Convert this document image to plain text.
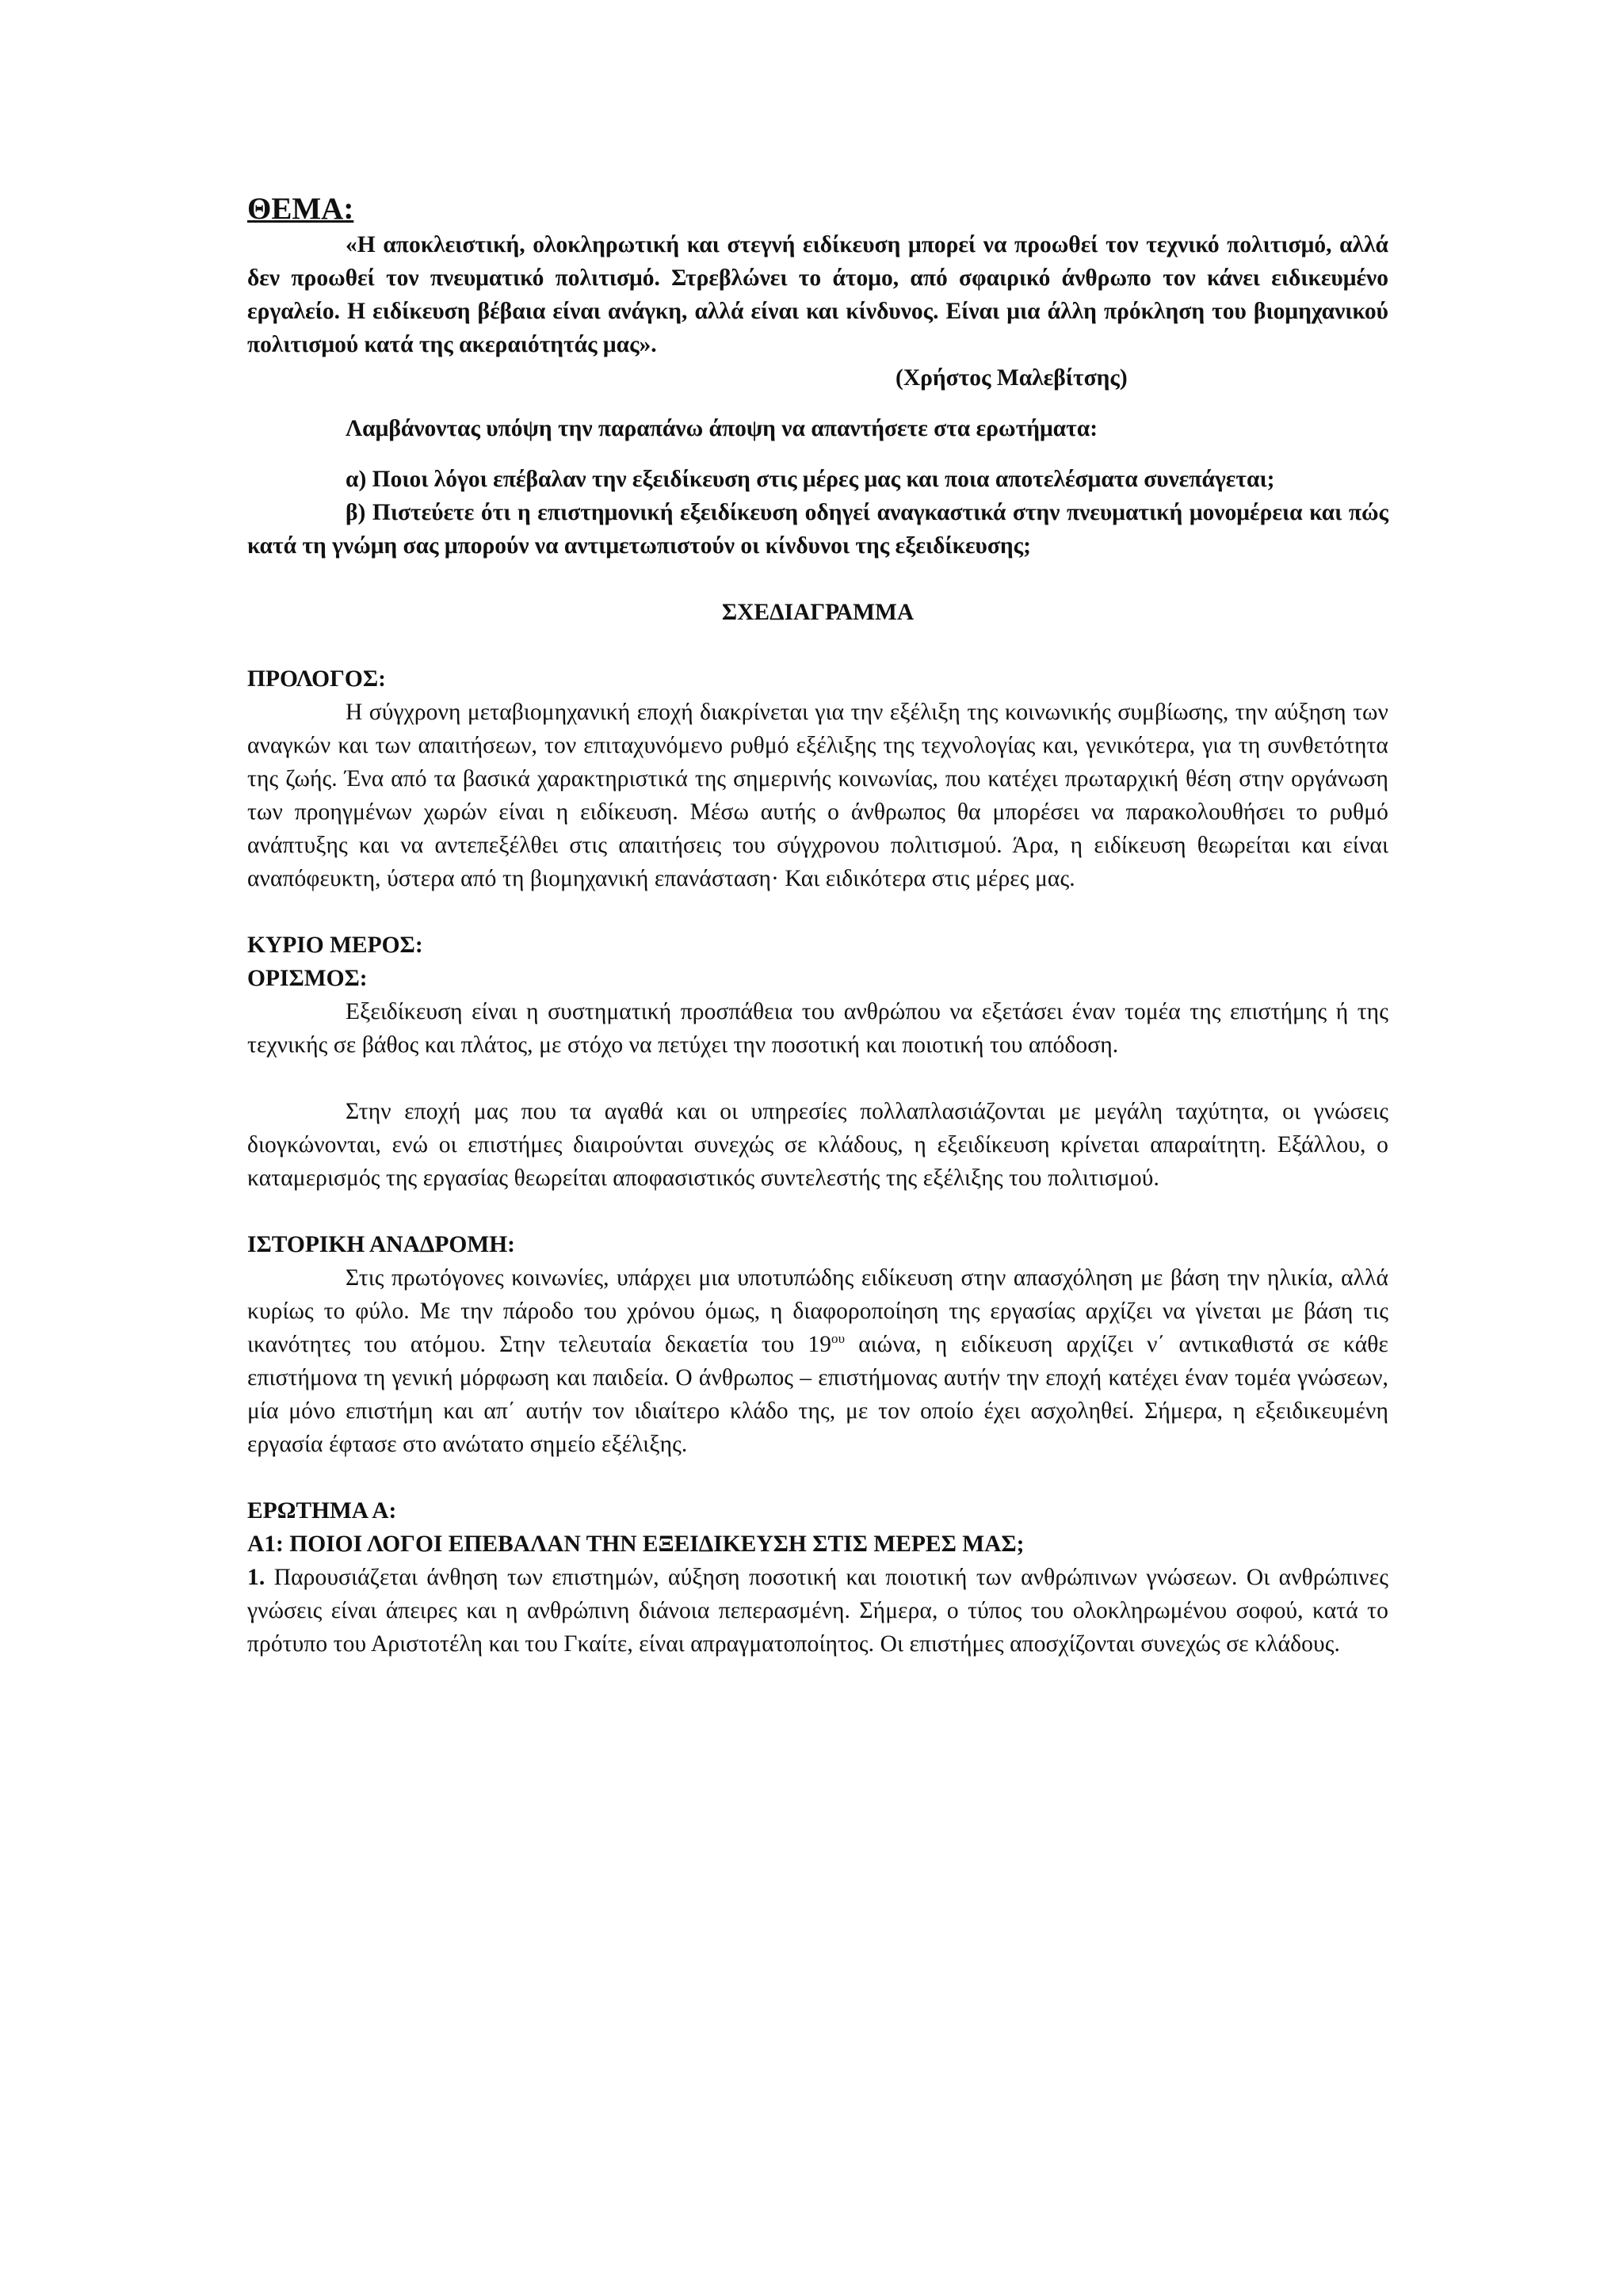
ΘΕΜΑ:

«Η αποκλειστική, ολοκληρωτική και στεγνή ειδίκευση μπορεί να προωθεί τον τεχνικό πολιτισμό, αλλά δεν προωθεί τον πνευματικό πολιτισμό. Στρεβλώνει το άτομο, από σφαιρικό άνθρωπο τον κάνει ειδικευμένο εργαλείο. Η ειδίκευση βέβαια είναι ανάγκη, αλλά είναι και κίνδυνος. Είναι μια άλλη πρόκληση του βιομηχανικού πολιτισμού κατά της ακεραιότητάς μας».

(Χρήστος Μαλεβίτσης)

Λαμβάνοντας υπόψη την παραπάνω άποψη να απαντήσετε στα ερωτήματα:

α) Ποιοι λόγοι επέβαλαν την εξειδίκευση στις μέρες μας και ποια αποτελέσματα συνεπάγεται;

β) Πιστεύετε ότι η επιστημονική εξειδίκευση οδηγεί αναγκαστικά στην πνευματική μονομέρεια και πώς κατά τη γνώμη σας μπορούν να αντιμετωπιστούν οι κίνδυνοι της εξειδίκευσης;

ΣΧΕΔΙΑΓΡΑΜΜΑ

ΠΡΟΛΟΓΟΣ:

Η σύγχρονη μεταβιομηχανική εποχή διακρίνεται για την εξέλιξη της κοινωνικής συμβίωσης, την αύξηση των αναγκών και των απαιτήσεων, τον επιταχυνόμενο ρυθμό εξέλιξης της τεχνολογίας και, γενικότερα, για τη συνθετότητα της ζωής. Ένα από τα βασικά χαρακτηριστικά της σημερινής κοινωνίας, που κατέχει πρωταρχική θέση στην οργάνωση των προηγμένων χωρών είναι η ειδίκευση. Μέσω αυτής ο άνθρωπος θα μπορέσει να παρακολουθήσει το ρυθμό ανάπτυξης και να αντεπεξέλθει στις απαιτήσεις του σύγχρονου πολιτισμού. Άρα, η ειδίκευση θεωρείται και είναι αναπόφευκτη, ύστερα από τη βιομηχανική επανάσταση· Και ειδικότερα στις μέρες μας.

ΚΥΡΙΟ ΜΕΡΟΣ:

ΟΡΙΣΜΟΣ:

Εξειδίκευση είναι η συστηματική προσπάθεια του ανθρώπου να εξετάσει έναν τομέα της επιστήμης ή της τεχνικής σε βάθος και πλάτος, με στόχο να πετύχει την ποσοτική και ποιοτική του απόδοση.

Στην εποχή μας που τα αγαθά και οι υπηρεσίες πολλαπλασιάζονται με μεγάλη ταχύτητα, οι γνώσεις διογκώνονται, ενώ οι επιστήμες διαιρούνται συνεχώς σε κλάδους, η εξειδίκευση κρίνεται απαραίτητη. Εξάλλου, ο καταμερισμός της εργασίας θεωρείται αποφασιστικός συντελεστής της εξέλιξης του πολιτισμού.

ΙΣΤΟΡΙΚΗ ΑΝΑΔΡΟΜΗ:

Στις πρωτόγονες κοινωνίες, υπάρχει μια υποτυπώδης ειδίκευση στην απασχόληση με βάση την ηλικία, αλλά κυρίως το φύλο. Με την πάροδο του χρόνου όμως, η διαφοροποίηση της εργασίας αρχίζει να γίνεται με βάση τις ικανότητες του ατόμου. Στην τελευταία δεκαετία του $19^{o\upsilon}$ αιώνα, η ειδίκευση αρχίζει ν΄ αντικαθιστά σε κάθε επιστήμονα τη γενική μόρφωση και παιδεία. Ο άνθρωπος – επιστήμονας αυτήν την εποχή κατέχει έναν τομέα γνώσεων, μία μόνο επιστήμη και απ΄ αυτήν τον ιδιαίτερο κλάδο της, με τον οποίο έχει ασχοληθεί. Σήμερα, η εξειδικευμένη εργασία έφτασε στο ανώτατο σημείο εξέλιξης.

ΕΡΩΤΗΜΑ Α:

Α1: ΠΟΙΟΙ ΛΟΓΟΙ ΕΠΕΒΑΛΑΝ ΤΗΝ ΕΞΕΙΔΙΚΕΥΣΗ ΣΤΙΣ ΜΕΡΕΣ ΜΑΣ;

1. Παρουσιάζεται άνθηση των επιστημών, αύξηση ποσοτική και ποιοτική των ανθρώπινων γνώσεων. Οι ανθρώπινες γνώσεις είναι άπειρες και η ανθρώπινη διάνοια πεπερασμένη. Σήμερα, ο τύπος του ολοκληρωμένου σοφού, κατά το πρότυπο του Αριστοτέλη και του Γκαίτε, είναι απραγματοποίητος. Οι επιστήμες αποσχίζονται συνεχώς σε κλάδους.
